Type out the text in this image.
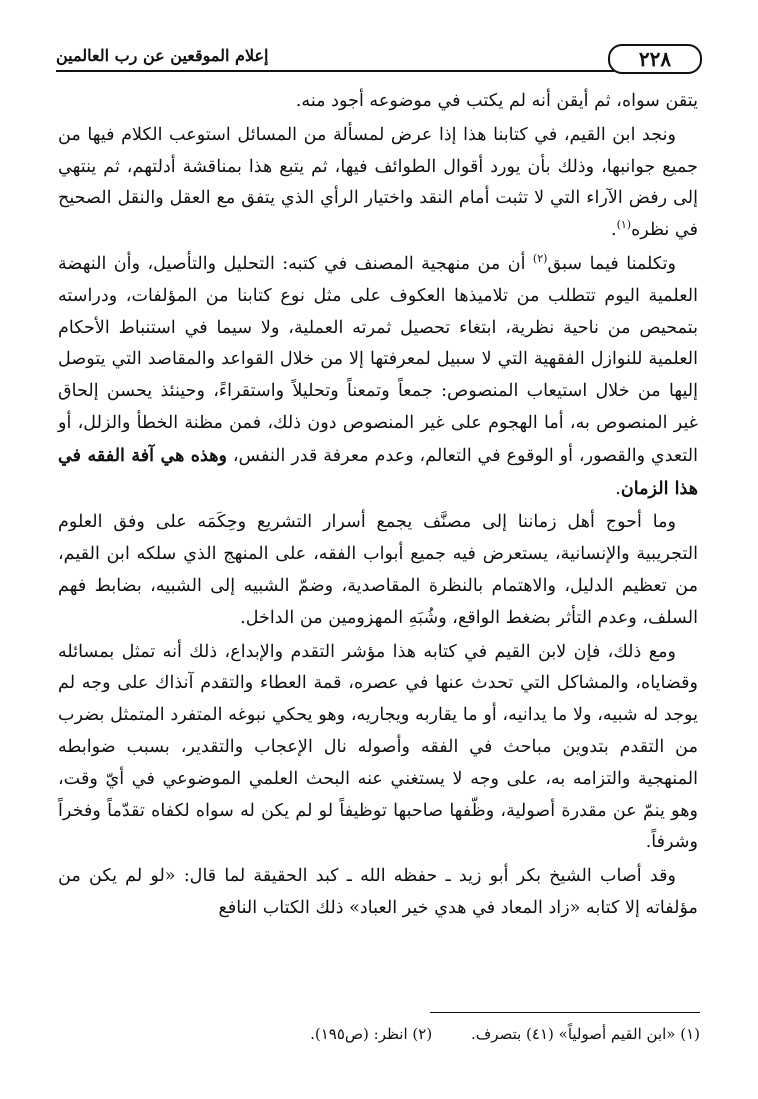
٢٢٨
إعلام الموقعين عن رب العالمين

يتقن سواه، ثم أيقن أنه لم يكتب في موضوعه أجود منه.

ونجد ابن القيم، في كتابنا هذا إذا عرض لمسألة من المسائل استوعب الكلام فيها من جميع جوانبها، وذلك بأن يورد أقوال الطوائف فيها، ثم يتبع هذا بمناقشة أدلتهم، ثم ينتهي إلى رفض الآراء التي لا تثبت أمام النقد واختيار الرأي الذي يتفق مع العقل والنقل الصحيح في نظره$^{(١)}$.

وتكلمنا فيما سبق$^{(٢)}$ أن من منهجية المصنف في كتبه: التحليل والتأصيل، وأن النهضة العلمية اليوم تتطلب من تلاميذها العكوف على مثل نوع كتابنا من المؤلفات، ودراسته بتمحيص من ناحية نظرية، ابتغاء تحصيل ثمرته العملية، ولا سيما في استنباط الأحكام العلمية للنوازل الفقهية التي لا سبيل لمعرفتها إلا من خلال القواعد والمقاصد التي يتوصل إليها من خلال استيعاب المنصوص: جمعاً وتمعناً وتحليلاً واستقراءً، وحينئذ يحسن إلحاق غير المنصوص به، أما الهجوم على غير المنصوص دون ذلك، فمن مظنة الخطأ والزلل، أو التعدي والقصور، أو الوقوع في التعالم، وعدم معرفة قدر النفس، وهذه هي آفة الفقه في هذا الزمان.

وما أحوج أهل زماننا إلى مصنَّف يجمع أسرار التشريع وحِكَمَه على وفق العلوم التجريبية والإنسانية، يستعرض فيه جميع أبواب الفقه، على المنهج الذي سلكه ابن القيم، من تعظيم الدليل، والاهتمام بالنظرة المقاصدية، وضمّ الشبيه إلى الشبيه، بضابط فهم السلف، وعدم التأثر بضغط الواقع، وشُبَهِ المهزومين من الداخل.

ومع ذلك، فإن لابن القيم في كتابه هذا مؤشر التقدم والإبداع، ذلك أنه تمثل بمسائله وقضاياه، والمشاكل التي تحدث عنها في عصره، قمة العطاء والتقدم آنذاك على وجه لم يوجد له شبيه، ولا ما يدانيه، أو ما يقاربه ويجاريه، وهو يحكي نبوغه المتفرد المتمثل بضرب من التقدم بتدوين مباحث في الفقه وأصوله نال الإعجاب والتقدير، بسبب ضوابطه المنهجية والتزامه به، على وجه لا يستغني عنه البحث العلمي الموضوعي في أيّ وقت، وهو ينمّ عن مقدرة أصولية، وظّفها صاحبها توظيفاً لو لم يكن له سواه لكفاه تقدّماً وفخراً وشرفاً.

وقد أصاب الشيخ بكر أبو زيد ـ حفظه الله ـ كبد الحقيقة لما قال: «لو لم يكن من مؤلفاته إلا كتابه «زاد المعاد في هدي خير العباد» ذلك الكتاب النافع

(١) «ابن القيم أصولياً» (٤١) بتصرف. (٢) انظر: (ص١٩٥).
